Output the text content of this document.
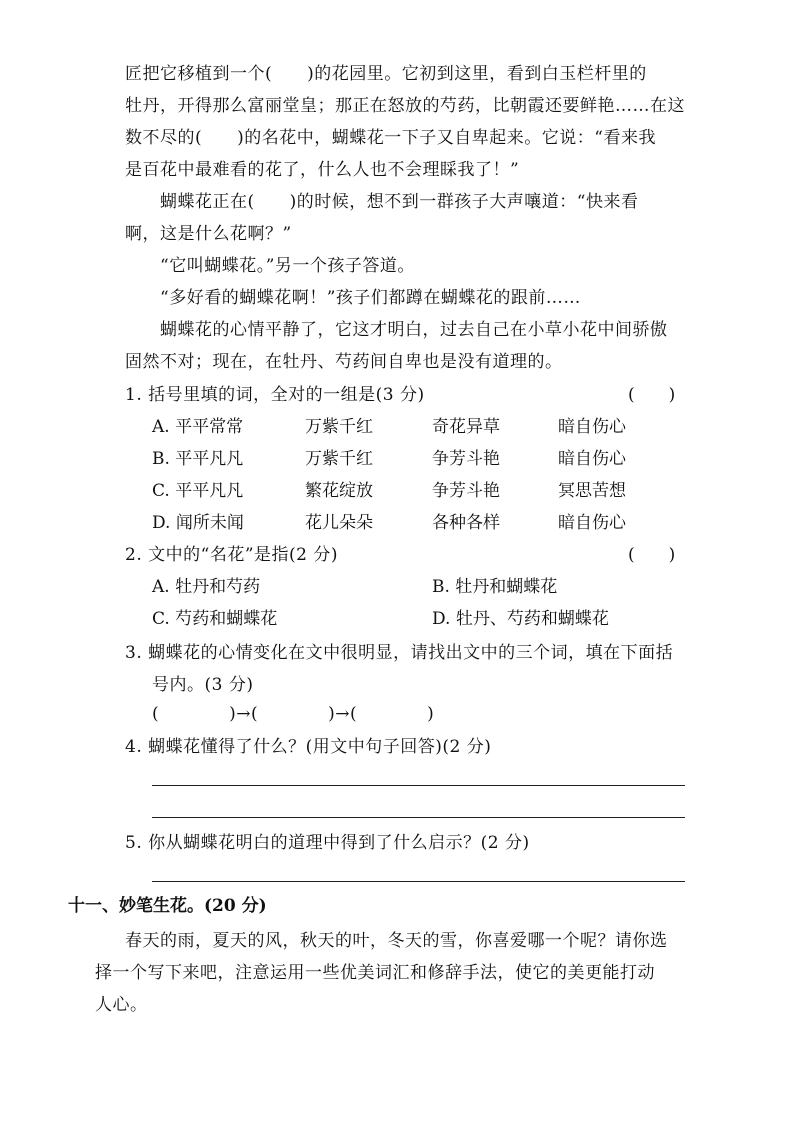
匠把它移植到一个(　　)的花园里。它初到这里，看到白玉栏杆里的
牡丹，开得那么富丽堂皇；那正在怒放的芍药，比朝霞还要鲜艳……在这
数不尽的(　　)的名花中，蝴蝶花一下子又自卑起来。它说：“看来我
是百花中最难看的花了，什么人也不会理睬我了！”
蝴蝶花正在(　　)的时候，想不到一群孩子大声嚷道：“快来看
啊，这是什么花啊？”
“它叫蝴蝶花。”另一个孩子答道。
“多好看的蝴蝶花啊！”孩子们都蹲在蝴蝶花的跟前……
蝴蝶花的心情平静了，它这才明白，过去自己在小草小花中间骄傲
固然不对；现在，在牡丹、芍药间自卑也是没有道理的。
1. 括号里填的词，全对的一组是(3 分)	(　　)
A. 平平常常	万紫千红	奇花异草	暗自伤心
B. 平平凡凡	万紫千红	争芳斗艳	暗自伤心
C. 平平凡凡	繁花绽放	争芳斗艳	冥思苦想
D. 闻所未闻	花儿朵朵	各种各样	暗自伤心
2. 文中的“名花”是指(2 分)	(　　)
A. 牡丹和芍药	B. 牡丹和蝴蝶花
C. 芍药和蝴蝶花	D. 牡丹、芍药和蝴蝶花
3. 蝴蝶花的心情变化在文中很明显，请找出文中的三个词，填在下面括
号内。(3 分)
(　　　　)→(　　　　)→(　　　　)
4. 蝴蝶花懂得了什么？(用文中句子回答)(2 分)
5. 你从蝴蝶花明白的道理中得到了什么启示？(2 分)
十一、妙笔生花。(20 分)
春天的雨，夏天的风，秋天的叶，冬天的雪，你喜爱哪一个呢？请你选
择一个写下来吧，注意运用一些优美词汇和修辞手法，使它的美更能打动
人心。
